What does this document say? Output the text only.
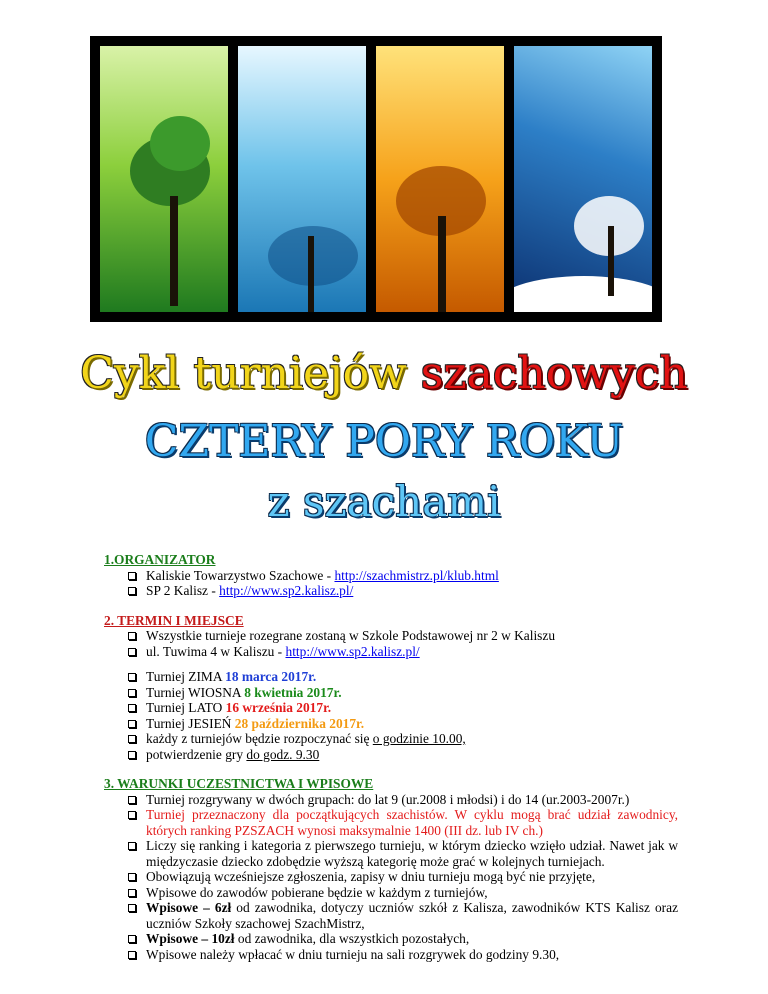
Cykl turniejów szachowych
CZTERY PORY ROKU
z szachami
1.ORGANIZATOR
Kaliskie Towarzystwo Szachowe - http://szachmistrz.pl/klub.html
SP 2 Kalisz - http://www.sp2.kalisz.pl/
2. TERMIN I MIEJSCE
Wszystkie turnieje rozegrane zostaną w Szkole Podstawowej nr 2 w Kaliszu
ul. Tuwima 4 w Kaliszu - http://www.sp2.kalisz.pl/
Turniej ZIMA 18 marca 2017r.
Turniej WIOSNA 8 kwietnia 2017r.
Turniej LATO 16 września 2017r.
Turniej JESIEŃ 28 października 2017r.
każdy z turniejów będzie rozpoczynać się o godzinie 10.00,
potwierdzenie gry do godz. 9.30
3. WARUNKI UCZESTNICTWA I WPISOWE
Turniej rozgrywany w dwóch grupach: do lat 9 (ur.2008 i młodsi) i do 14 (ur.2003-2007r.)
Turniej przeznaczony dla początkujących szachistów. W cyklu mogą brać udział zawodnicy, których ranking PZSZACH wynosi maksymalnie 1400 (III dz. lub IV ch.)
Liczy się ranking i kategoria z pierwszego turnieju, w którym dziecko wzięło udział. Nawet jak w międzyczasie dziecko zdobędzie wyższą kategorię może grać w kolejnych turniejach.
Obowiązują wcześniejsze zgłoszenia, zapisy w dniu turnieju mogą być nie przyjęte,
Wpisowe do zawodów pobierane będzie w każdym z turniejów,
Wpisowe – 6zł od zawodnika, dotyczy uczniów szkół z Kalisza, zawodników KTS Kalisz oraz uczniów Szkoły szachowej SzachMistrz,
Wpisowe – 10zł od zawodnika, dla wszystkich pozostałych,
Wpisowe należy wpłacać w dniu turnieju na sali rozgrywek do godziny 9.30,
